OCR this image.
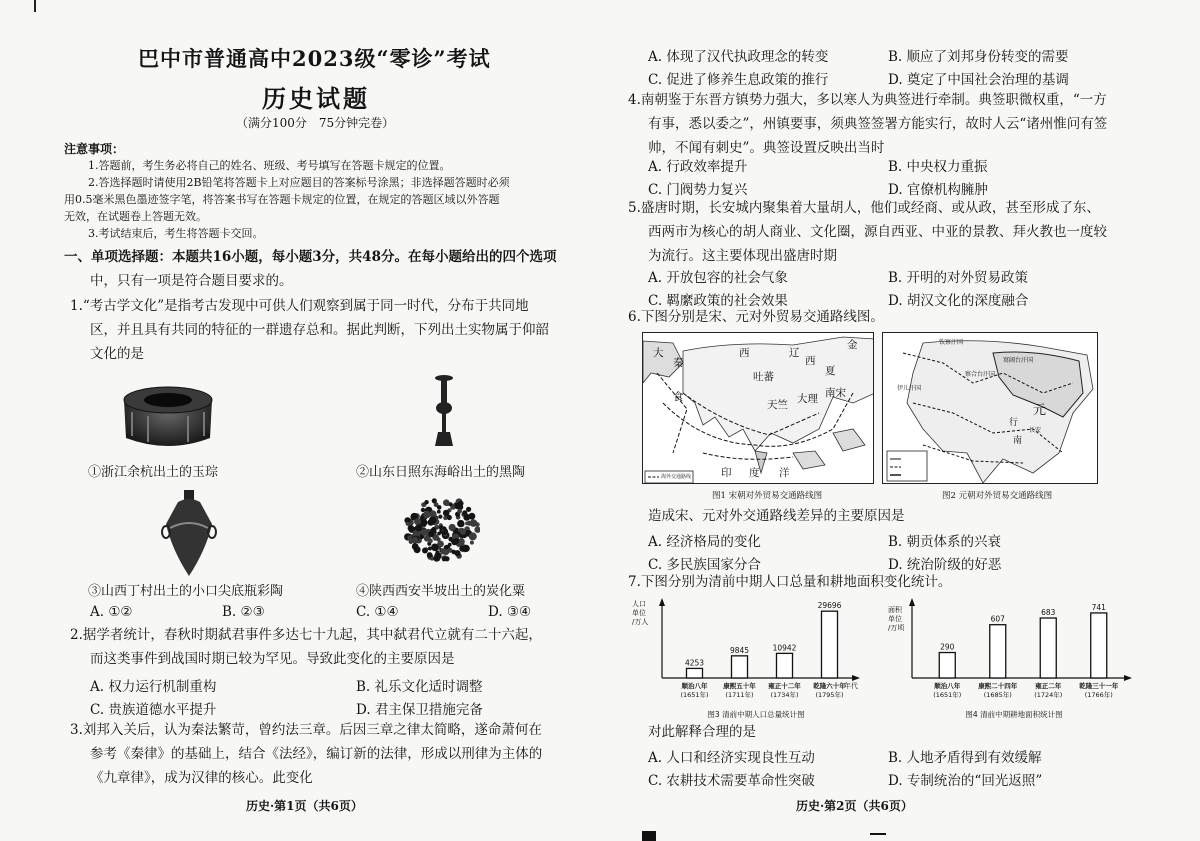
巴中市普通高中2023级“零诊”考试
历史试题
（满分100分　75分钟完卷）
注意事项：
1.答题前，考生务必将自己的姓名、班级、考号填写在答题卡规定的位置。
2.答选择题时请使用2B铅笔将答题卡上对应题目的答案标号涂黑；非选择题答题时必须
用0.5毫米黑色墨迹签字笔，将答案书写在答题卡规定的位置，在规定的答题区域以外答题
无效，在试题卷上答题无效。
3.考试结束后，考生将答题卡交回。
一、单项选择题：本题共16小题，每小题3分，共48分。在每小题给出的四个选项
中，只有一项是符合题目要求的。
1.“考古学文化”是指考古发现中可供人们观察到属于同一时代，分布于共同地
区，并且具有共同的特征的一群遗存总和。据此判断，下列出土实物属于仰韶
文化的是
①浙江余杭出土的玉琮	②山东日照东海峪出土的黑陶
③山西丁村出土的小口尖底瓶彩陶	④陕西西安半坡出土的炭化粟
A. ①②	B. ②③	C. ①④	D. ③④
2.据学者统计，春秋时期弑君事件多达七十九起，其中弑君代立就有二十六起，
而这类事件到战国时期已较为罕见。导致此变化的主要原因是
A. 权力运行机制重构	B. 礼乐文化适时调整
C. 贵族道德水平提升	D. 君主保卫措施完备
3.刘邦入关后，认为秦法繁苛，曾约法三章。后因三章之律太简略，遂命萧何在
参考《秦律》的基础上，结合《法经》，编订新的法律，形成以刑律为主体的
《九章律》，成为汉律的核心。此变化
历史·第1页（共6页）
A. 体现了汉代执政理念的转变	B. 顺应了刘邦身份转变的需要
C. 促进了修养生息政策的推行	D. 奠定了中国社会治理的基调
4.南朝鉴于东晋方镇势力强大，多以寒人为典签进行牵制。典签职微权重，“一方
有事，悉以委之”，州镇要事，须典签签署方能实行，故时人云“诸州惟问有签
帅，不闻有刺史”。典签设置反映出当时
A. 行政效率提升	B. 中央权力重振
C. 门阀势力复兴	D. 官僚机构臃肿
5.盛唐时期，长安城内聚集着大量胡人，他们或经商、或从政，甚至形成了东、
西两市为核心的胡人商业、文化圈，源自西亚、中亚的景教、拜火教也一度较
为流行。这主要体现出盛唐时期
A. 开放包容的社会气象	B. 开明的对外贸易政策
C. 羁縻政策的社会效果	D. 胡汉文化的深度融合
6.下图分别是宋、元对外贸易交通路线图。
大
秦
食
西	辽
吐蕃
西
夏
金
大理 南宋
天竺
印 度 洋
海外交通路线
图1 宋朝对外贸易交通路线图
钦察汗国
伊儿汗国
察合台汗国
窝阔台汗国
元
行
南
长安
图2 元朝对外贸易交通路线图
造成宋、元对外交通路线差异的主要原因是
A. 经济格局的变化	B. 朝贡体系的兴衰
C. 多民族国家分合	D. 统治阶级的好恶
7.下图分别为清前中期人口总量和耕地面积变化统计。
人口
单位
/万人
年代
4253
顺治八年
(1651年)
9845
康熙五十年
(1711年)
10942
雍正十二年
(1734年)
29696
乾隆六十年
(1795年)
图3 清前中期人口总量统计图
面积
单位
/万顷
290
顺治八年
(1651年)
607
康熙二十四年
(1685年)
683
雍正二年
(1724年)
741
乾隆三十一年
(1766年)
图4 清前中期耕地面积统计图
对此解释合理的是
A. 人口和经济实现良性互动	B. 人地矛盾得到有效缓解
C. 农耕技术需要革命性突破	D. 专制统治的“回光返照”
历史·第2页（共6页）
